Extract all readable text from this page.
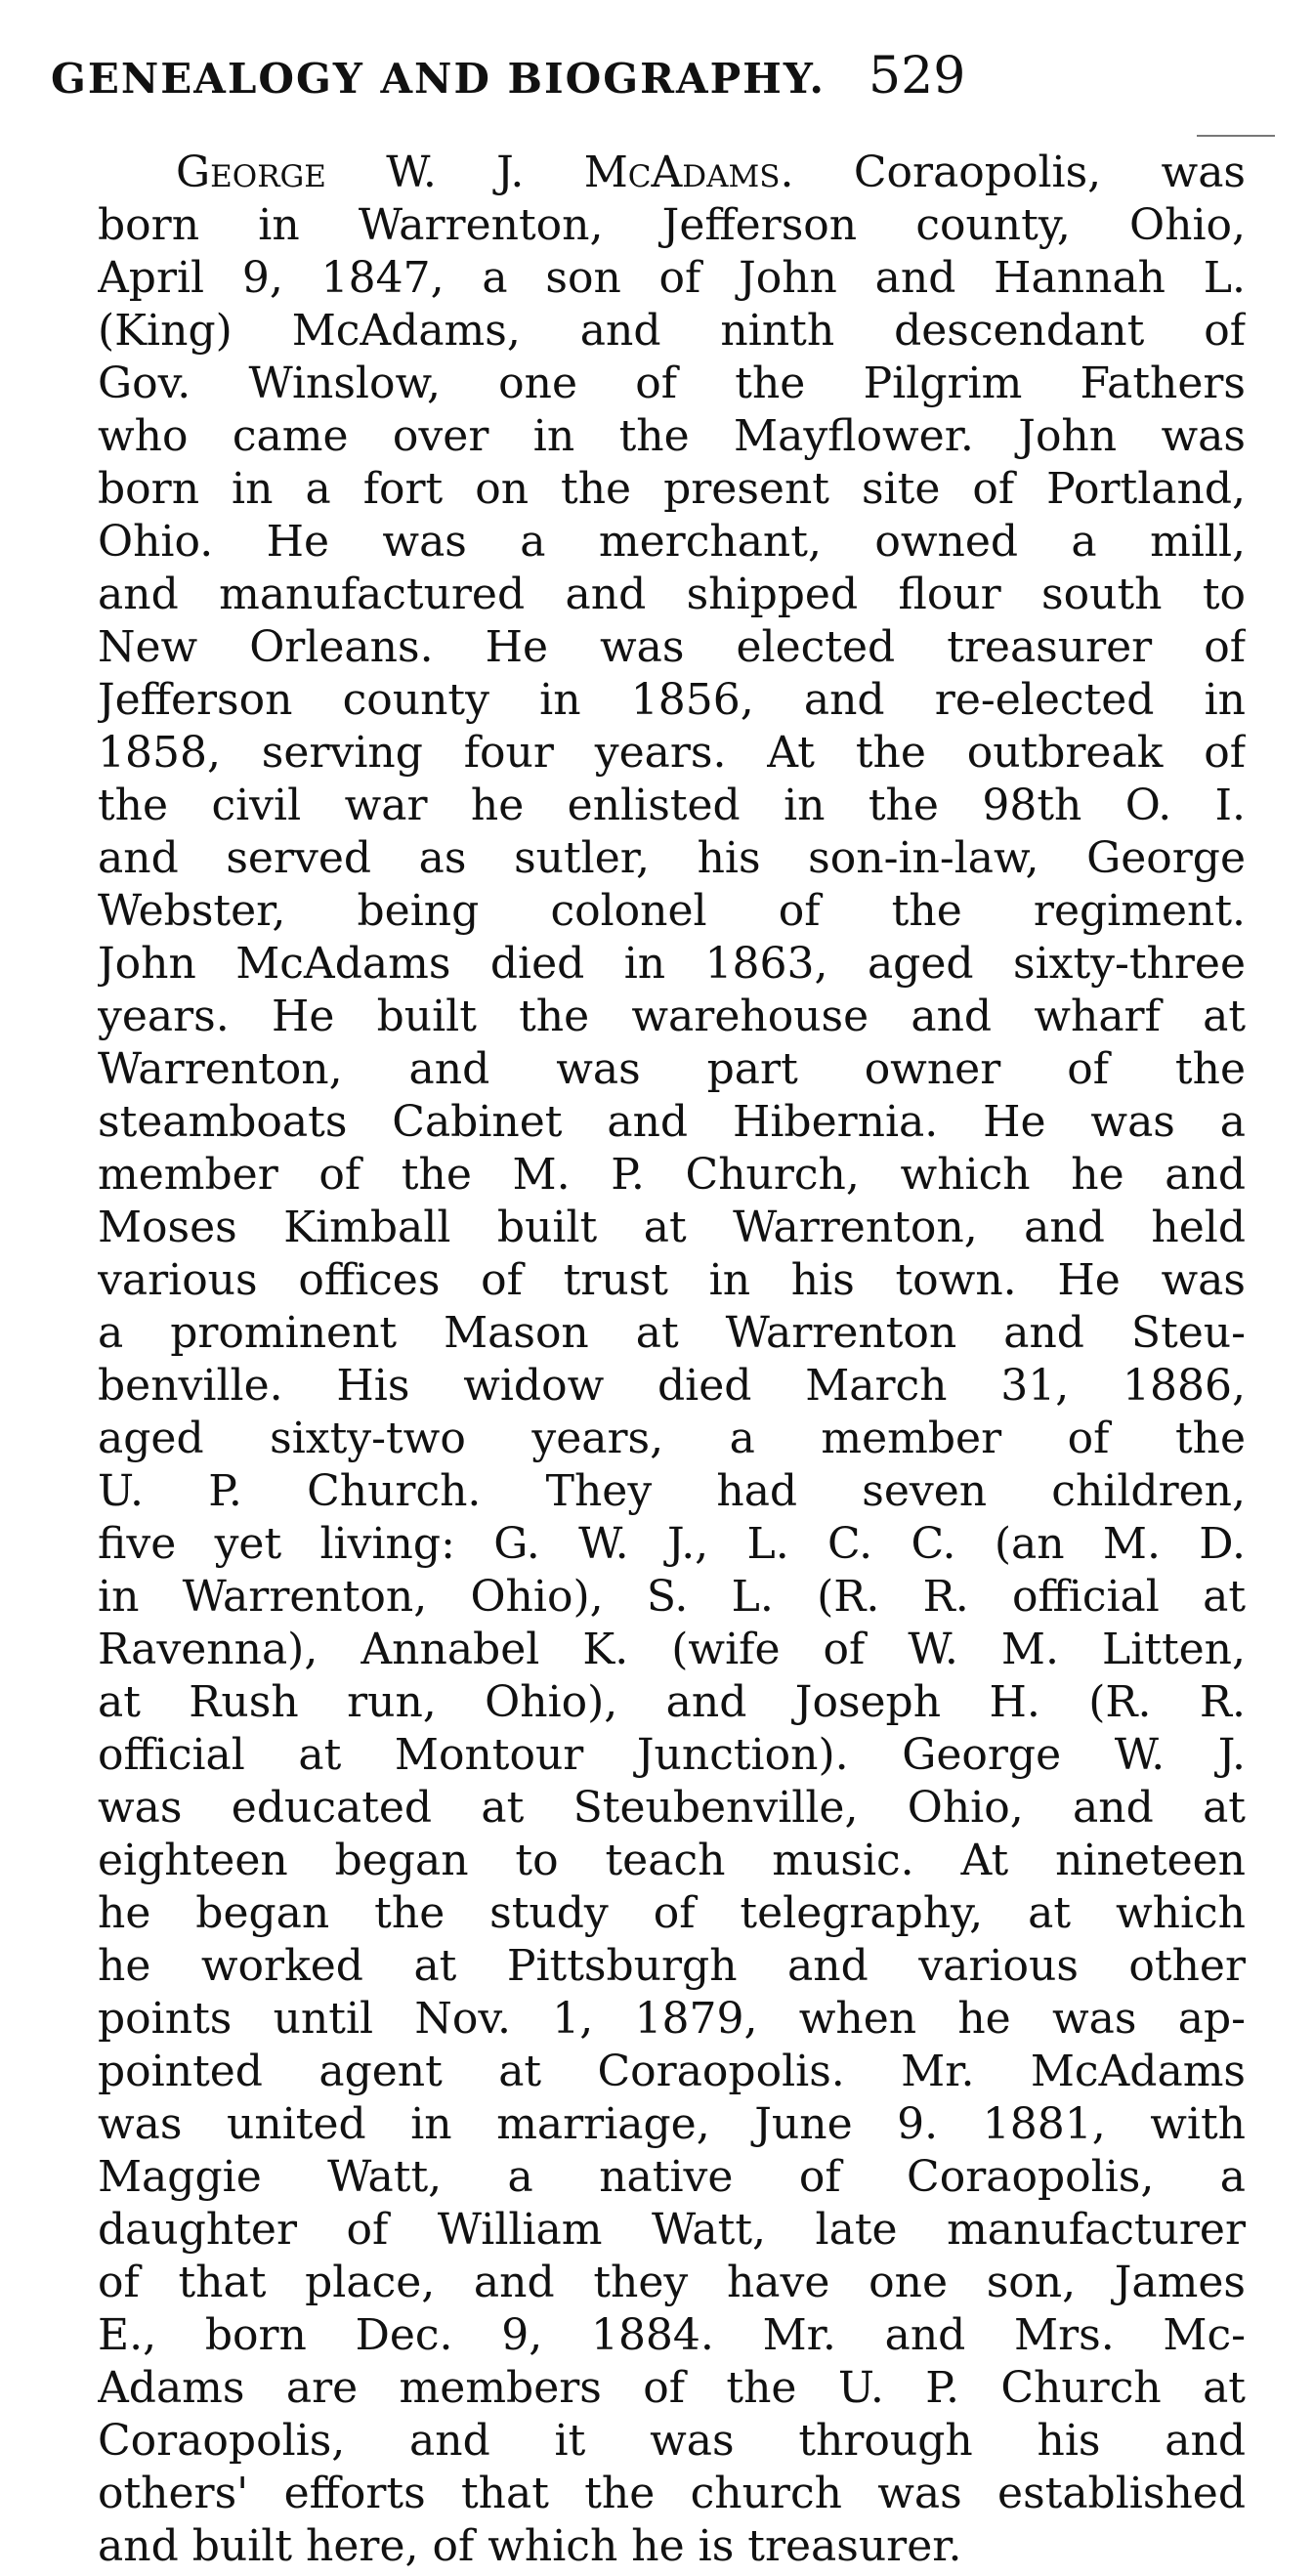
GENEALOGY AND BIOGRAPHY. 529
George W. J. McAdams. Coraopolis, was
born in Warrenton, Jefferson county, Ohio,
April 9, 1847, a son of John and Hannah L.
(King) McAdams, and ninth descendant of
Gov. Winslow, one of the Pilgrim Fathers
who came over in the Mayflower. John was
born in a fort on the present site of Portland,
Ohio. He was a merchant, owned a mill,
and manufactured and shipped flour south to
New Orleans. He was elected treasurer of
Jefferson county in 1856, and re-elected in
1858, serving four years. At the outbreak of
the civil war he enlisted in the 98th O. I.
and served as sutler, his son-in-law, George
Webster, being colonel of the regiment.
John McAdams died in 1863, aged sixty-three
years. He built the warehouse and wharf at
Warrenton, and was part owner of the
steamboats Cabinet and Hibernia. He was a
member of the M. P. Church, which he and
Moses Kimball built at Warrenton, and held
various offices of trust in his town. He was
a prominent Mason at Warrenton and Steu-
benville. His widow died March 31, 1886,
aged sixty-two years, a member of the
U. P. Church. They had seven children,
five yet living: G. W. J., L. C. C. (an M. D.
in Warrenton, Ohio), S. L. (R. R. official at
Ravenna), Annabel K. (wife of W. M. Litten,
at Rush run, Ohio), and Joseph H. (R. R.
official at Montour Junction). George W. J.
was educated at Steubenville, Ohio, and at
eighteen began to teach music. At nineteen
he began the study of telegraphy, at which
he worked at Pittsburgh and various other
points until Nov. 1, 1879, when he was ap-
pointed agent at Coraopolis. Mr. McAdams
was united in marriage, June 9. 1881, with
Maggie Watt, a native of Coraopolis, a
daughter of William Watt, late manufacturer
of that place, and they have one son, James
E., born Dec. 9, 1884. Mr. and Mrs. Mc-
Adams are members of the U. P. Church at
Coraopolis, and it was through his and
others' efforts that the church was established
and built here, of which he is treasurer.
